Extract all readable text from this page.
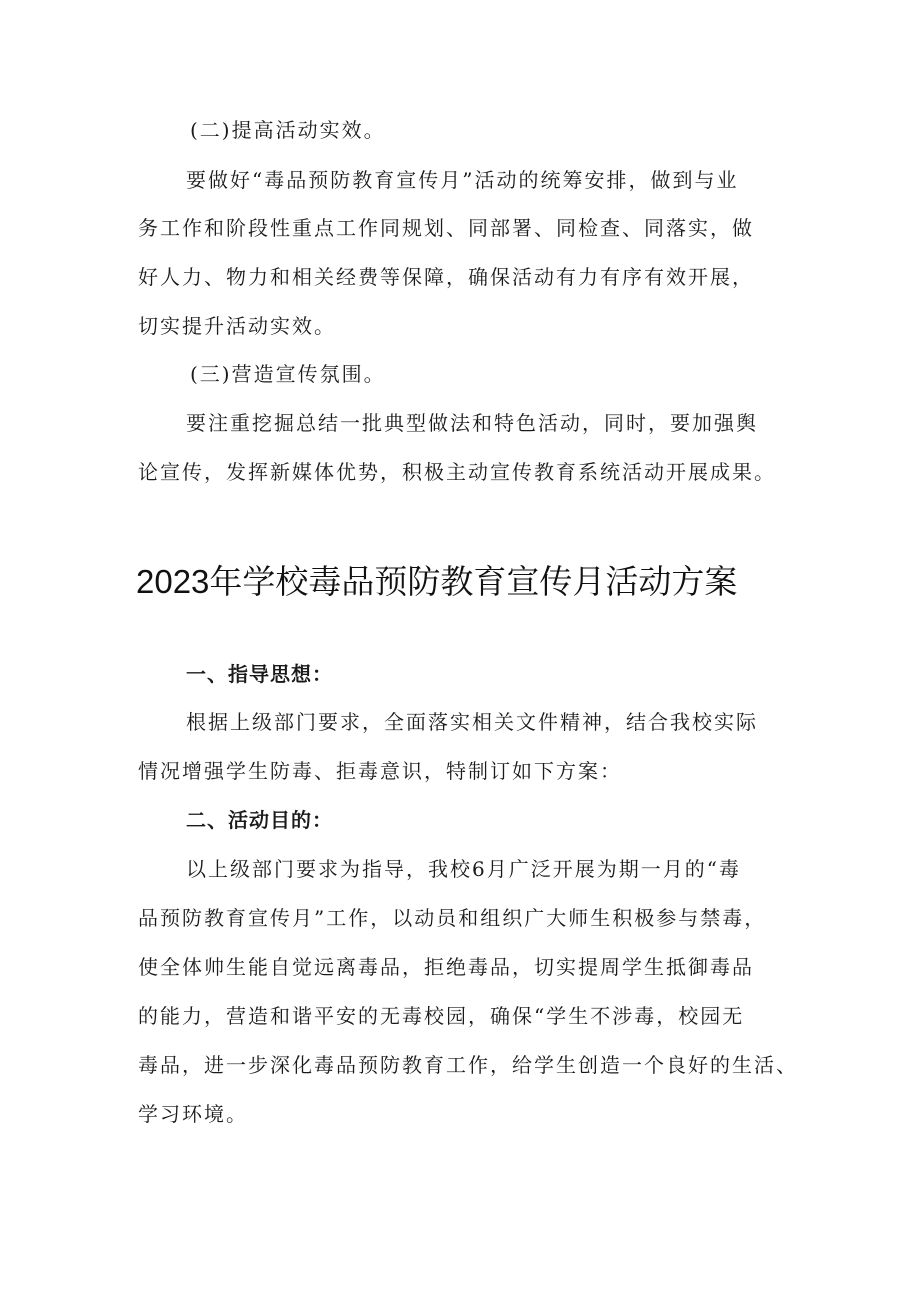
(二)提高活动实效。
要做好“毒品预防教育宣传月”活动的统筹安排，做到与业
务工作和阶段性重点工作同规划、同部署、同检查、同落实，做
好人力、物力和相关经费等保障，确保活动有力有序有效开展，
切实提升活动实效。
(三)营造宣传氛围。
要注重挖掘总结一批典型做法和特色活动，同时，要加强舆
论宣传，发挥新媒体优势，积极主动宣传教育系统活动开展成果。
2023年学校毒品预防教育宣传月活动方案
一、指导思想：
根据上级部门要求，全面落实相关文件精神，结合我校实际
情况增强学生防毒、拒毒意识，特制订如下方案：
二、活动目的：
以上级部门要求为指导，我校6月广泛开展为期一月的“毒
品预防教育宣传月”工作，以动员和组织广大师生积极参与禁毒，
使全体帅生能自觉远离毒品，拒绝毒品，切实提周学生抵御毒品
的能力，营造和谐平安的无毒校园，确保“学生不涉毒，校园无
毒品，进一步深化毒品预防教育工作，给学生创造一个良好的生活、
学习环境。
